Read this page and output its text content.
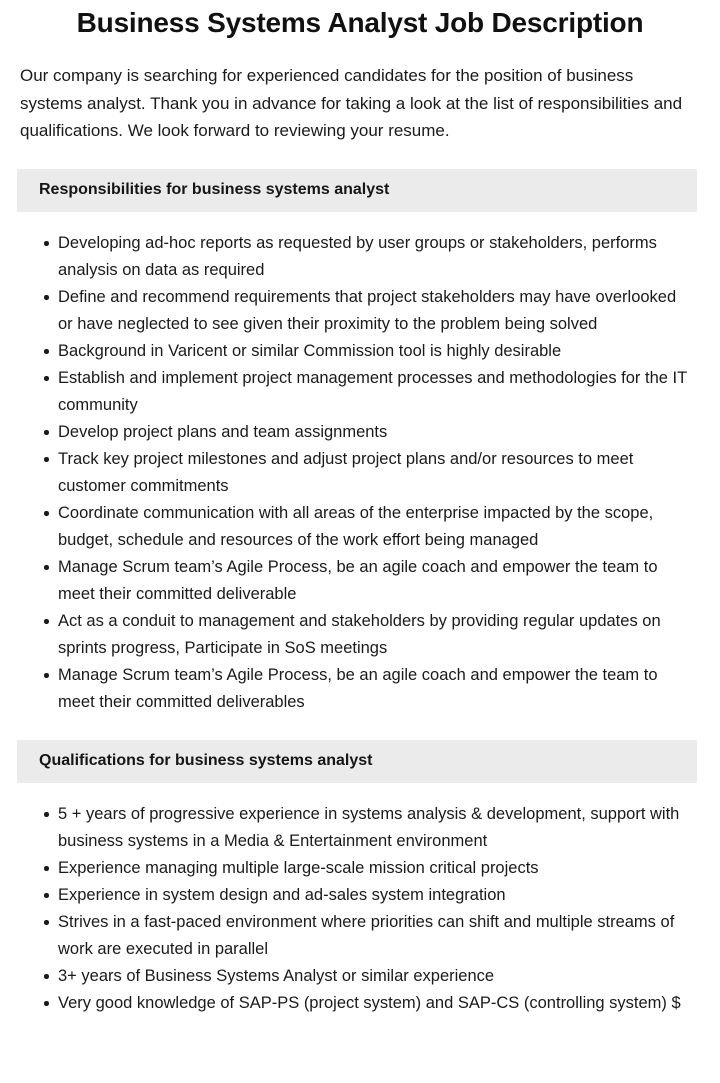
Business Systems Analyst Job Description

Our company is searching for experienced candidates for the position of business systems analyst. Thank you in advance for taking a look at the list of responsibilities and qualifications. We look forward to reviewing your resume.

Responsibilities for business systems analyst
Developing ad-hoc reports as requested by user groups or stakeholders, performs analysis on data as required
Define and recommend requirements that project stakeholders may have overlooked or have neglected to see given their proximity to the problem being solved
Background in Varicent or similar Commission tool is highly desirable
Establish and implement project management processes and methodologies for the IT community
Develop project plans and team assignments
Track key project milestones and adjust project plans and/or resources to meet customer commitments
Coordinate communication with all areas of the enterprise impacted by the scope, budget, schedule and resources of the work effort being managed
Manage Scrum team’s Agile Process, be an agile coach and empower the team to meet their committed deliverable
Act as a conduit to management and stakeholders by providing regular updates on sprints progress, Participate in SoS meetings
Manage Scrum team’s Agile Process, be an agile coach and empower the team to meet their committed deliverables
Qualifications for business systems analyst
5 + years of progressive experience in systems analysis & development, support with business systems in a Media & Entertainment environment
Experience managing multiple large-scale mission critical projects
Experience in system design and ad-sales system integration
Strives in a fast-paced environment where priorities can shift and multiple streams of work are executed in parallel
3+ years of Business Systems Analyst or similar experience
Very good knowledge of SAP-PS (project system) and SAP-CS (controlling system) $
